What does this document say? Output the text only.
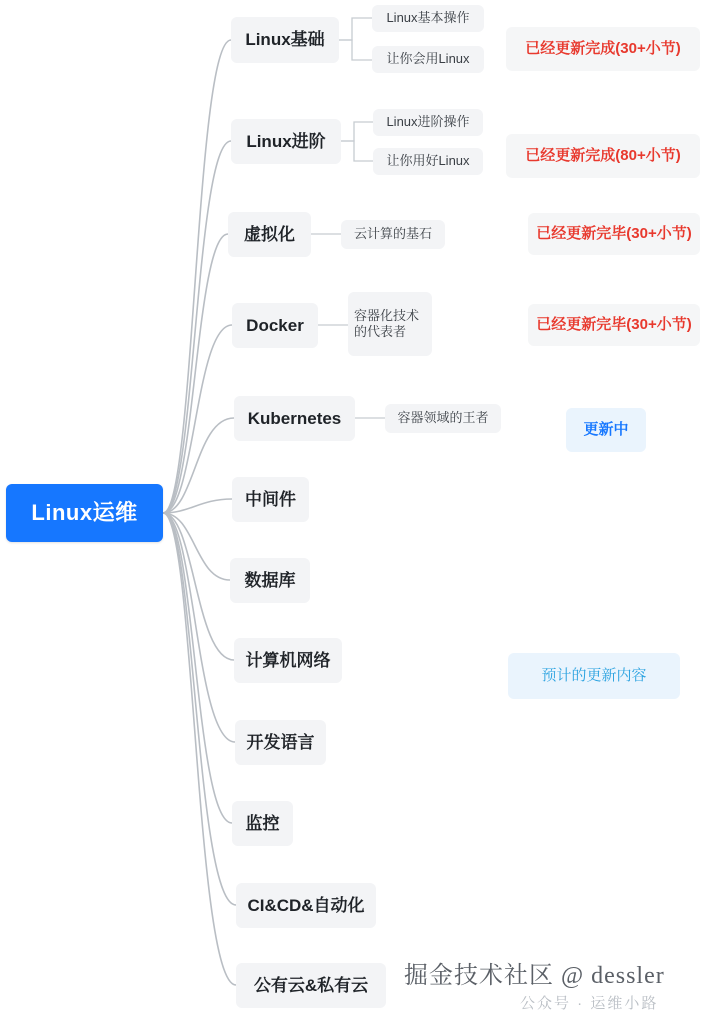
Linux运维
Linux基础
Linux基本操作
让你会用Linux
已经更新完成(30+小节)
Linux进阶
Linux进阶操作
让你用好Linux	已经更新完成(80+小节)
虚拟化	云计算的基石	已经更新完毕(30+小节)
Docker
容器化技术的代表者	已经更新完毕(30+小节)
Kubernetes	容器领域的王者
更新中
中间件
数据库
计算机网络
预计的更新内容
开发语言
监控
CI&CD&自动化
公有云&私有云 掘金技术社区 @ dessler
公众号 · 运维小路
